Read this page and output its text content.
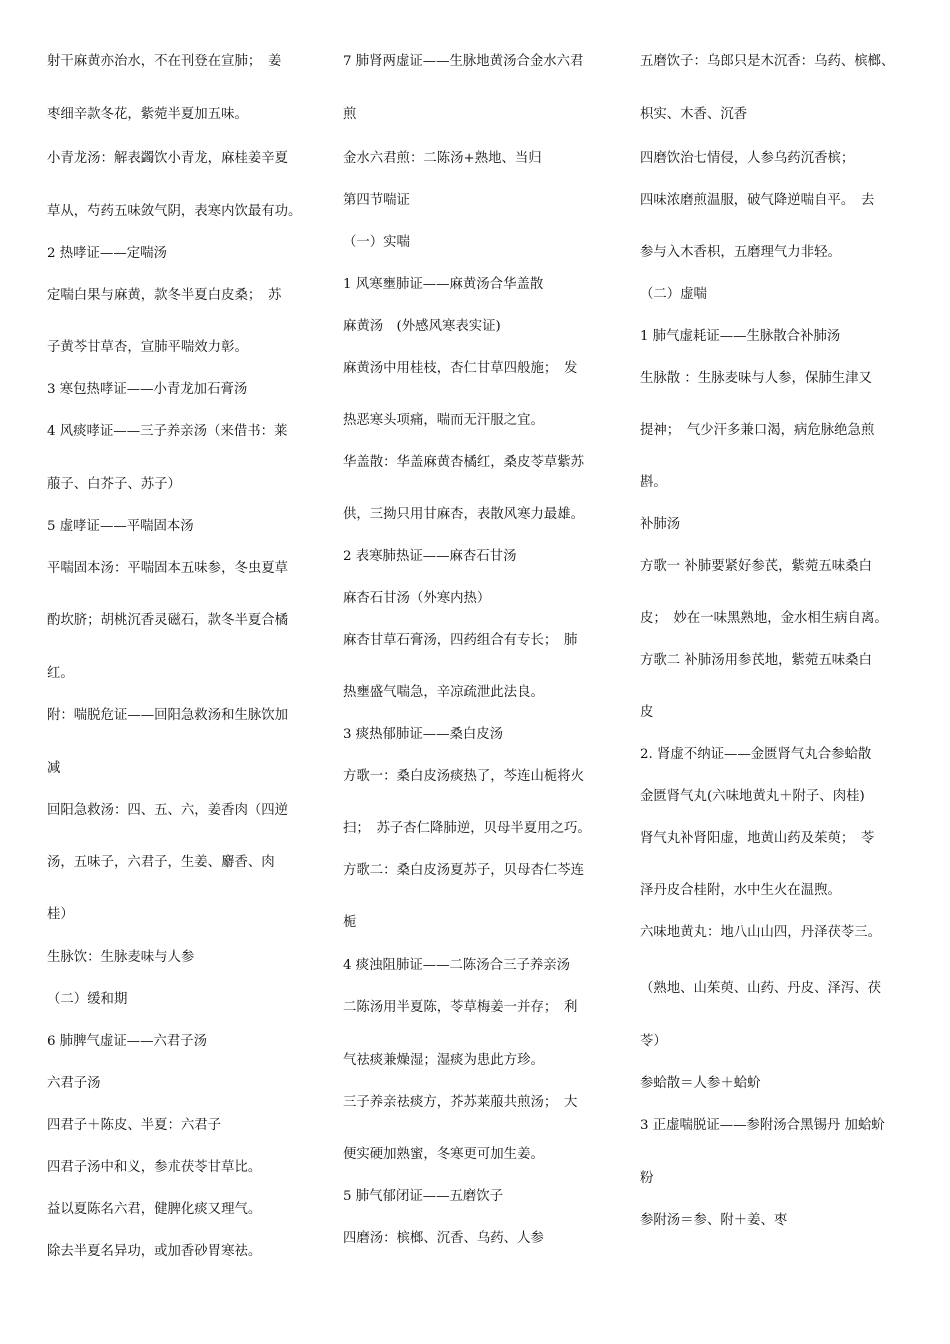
射干麻黄亦治水，不在刊登在宣肺；　姜
枣细辛款冬花，紫菀半夏加五味。
小青龙汤：解表蠲饮小青龙，麻桂姜辛夏
草从，芍药五味敛气阴，表寒内饮最有功。
2 热哮证——定喘汤
定喘白果与麻黄，款冬半夏白皮桑；　苏
子黄芩甘草杏，宣肺平喘效力彰。
3 寒包热哮证——小青龙加石膏汤
4 风痰哮证——三子养亲汤（来借书：莱
菔子、白芥子、苏子）
5 虚哮证——平喘固本汤
平喘固本汤：平喘固本五味参，冬虫夏草
酌坎脐；胡桃沉香灵磁石，款冬半夏合橘
红。
附：喘脱危证——回阳急救汤和生脉饮加
减
回阳急救汤：四、五、六，姜香肉（四逆
汤，五味子，六君子，生姜、麝香、肉
桂）
生脉饮：生脉麦味与人参
（二）缓和期
6 肺脾气虚证——六君子汤
六君子汤
四君子＋陈皮、半夏：六君子
四君子汤中和义，参朮茯苓甘草比。
益以夏陈名六君，健脾化痰又理气。
除去半夏名异功，或加香砂胃寒祛。
7 肺肾两虚证——生脉地黄汤合金水六君
煎
金水六君煎：二陈汤+熟地、当归
第四节喘证
（一）实喘
1 风寒壅肺证——麻黄汤合华盖散
麻黄汤　(外感风寒表实证)
麻黄汤中用桂枝，杏仁甘草四般施；　发
热恶寒头项痛，喘而无汗服之宜。
华盖散：华盖麻黄杏橘红，桑皮苓草紫苏
供，三拗只用甘麻杏，表散风寒力最雄。
2 表寒肺热证——麻杏石甘汤
麻杏石甘汤（外寒内热）
麻杏甘草石膏汤，四药组合有专长；　肺
热壅盛气喘急，辛凉疏泄此法良。
3 痰热郁肺证——桑白皮汤
方歌一：桑白皮汤痰热了，芩连山栀将火
扫；　苏子杏仁降肺逆，贝母半夏用之巧。
方歌二：桑白皮汤夏苏子，贝母杏仁芩连
栀
4 痰浊阻肺证——二陈汤合三子养亲汤
二陈汤用半夏陈，苓草梅姜一并存；　利
气祛痰兼燥湿；湿痰为患此方珍。
三子养亲祛痰方，芥苏莱菔共煎汤；　大
便实硬加熟蜜，冬寒更可加生姜。
5 肺气郁闭证——五磨饮子
四磨汤：槟榔、沉香、乌药、人参
五磨饮子：乌郎只是木沉香：乌药、槟榔、
枳实、木香、沉香
四磨饮治七情侵，人参乌药沉香槟；
四味浓磨煎温服，破气降逆喘自平。　去
参与入木香枳，五磨理气力非轻。
（二）虚喘
1 肺气虚耗证——生脉散合补肺汤
生脉散 ：生脉麦味与人参，保肺生津又
提神；　气少汗多兼口渴，病危脉绝急煎
斟。
补肺汤
方歌一 补肺要紧好参芪，紫菀五味桑白
皮；　妙在一味黑熟地，金水相生病自离。
方歌二 补肺汤用参芪地，紫菀五味桑白
皮
2. 肾虚不纳证——金匮肾气丸合参蛤散
金匮肾气丸(六味地黄丸＋附子、肉桂)
肾气丸补肾阳虚，地黄山药及茱萸；　苓
泽丹皮合桂附，水中生火在温煦。
六味地黄丸：地八山山四，丹泽茯苓三。
（熟地、山茱萸、山药、丹皮、泽泻、茯
苓）
参蛤散＝人参＋蛤蚧
3 正虚喘脱证——参附汤合黑锡丹 加蛤蚧
粉
参附汤＝参、附＋姜、枣
